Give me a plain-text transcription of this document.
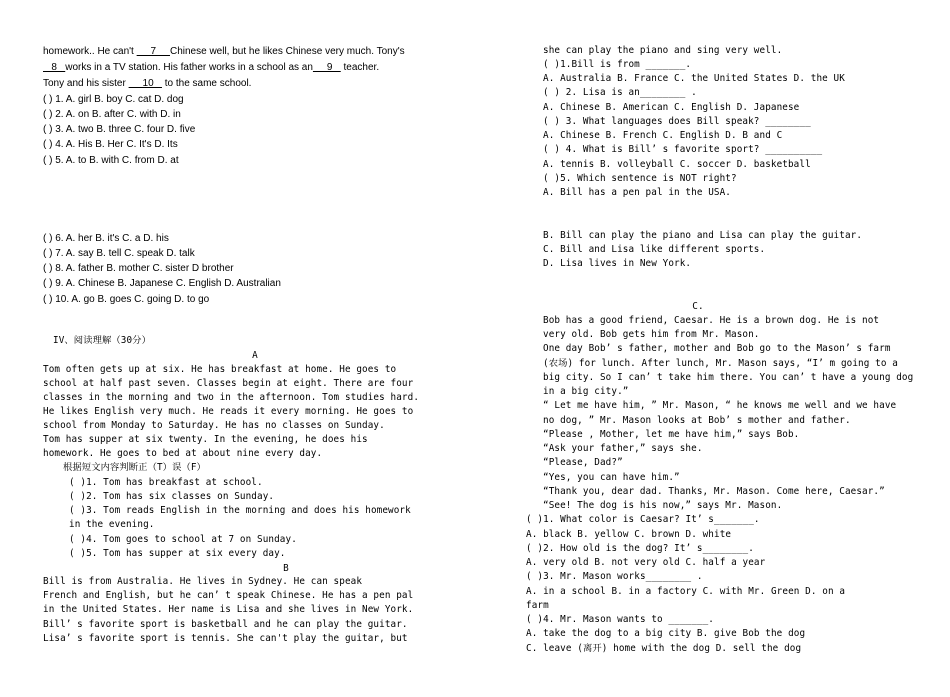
homework.. He can't      7     Chinese well, but he likes Chinese very much. Tony's
8   works in a TV station. His father works in a school as an     9    teacher.
Tony and his sister      10    to the same school.
( ) 1. A. girl B. boy C. cat D. dog
( ) 2. A. on B. after C. with D. in
( ) 3. A. two B. three C. four D. five
( ) 4. A. His B. Her C. It's D. Its
( ) 5. A. to B. with C. from D. at
( ) 6. A. her B. it's C. a D. his
( ) 7. A. say B. tell C. speak D. talk
( ) 8. A. father B. mother C. sister D brother
( ) 9. A. Chinese B. Japanese C. English D. Australian
( ) 10. A. go B. goes C. going D. to go
IV、阅读理解（30分）
A
Tom often gets up at six. He has breakfast at home. He goes to
school at half past seven. Classes begin at eight. There are four
classes in the morning and two in the afternoon. Tom studies hard.
He likes English very much. He reads it every morning. He goes to
school from Monday to Saturday. He has no classes on Sunday.
Tom has supper at six twenty. In the evening, he does his
homework. He goes to bed at about nine every day.
根据短文内容判断正（T）误（F）
( )1. Tom has breakfast at school.
( )2. Tom has six classes on Sunday.
( )3. Tom reads English in the morning and does his homework
in the evening.
( )4. Tom goes to school at 7 on Sunday.
( )5. Tom has supper at six every day.
B
Bill is from Australia. He lives in Sydney. He can speak
French and English, but he can’ t speak Chinese. He has a pen pal
in the United States. Her name is Lisa and she lives in New York.
Bill’ s favorite sport is basketball and he can play the guitar.
Lisa’ s favorite sport is tennis. She can't play the guitar, but
she can play the piano and sing very well.
( )1.Bill is from _______.
A. Australia B. France C. the United States D. the UK
( ) 2. Lisa is an________ .
A. Chinese B. American C. English D. Japanese
( ) 3. What languages does Bill speak? ________
A. Chinese B. French C. English D. B and C
( ) 4. What is Bill’ s favorite sport? __________
A. tennis B. volleyball C. soccer D. basketball
( )5. Which sentence is NOT right?
A. Bill has a pen pal in the USA.
B. Bill can play the piano and Lisa can play the guitar.
C. Bill and Lisa like different sports.
D. Lisa lives in New York.
C.
Bob has a good friend, Caesar. He is a brown dog. He is not
very old. Bob gets him from Mr. Mason.
One day Bob’ s father, mother and Bob go to the Mason’ s farm
(农场) for lunch. After lunch, Mr. Mason says, “I’ m going to a
big city. So I can’ t take him there. You can’ t have a young dog
in a big city.”
“ Let me have him, ” Mr. Mason, “ he knows me well and we have
no dog, ” Mr. Mason looks at Bob’ s mother and father.
“Please , Mother, let me have him,” says Bob.
“Ask your father,” says she.
“Please, Dad?”
“Yes, you can have him.”
“Thank you, dear dad. Thanks, Mr. Mason. Come here, Caesar.”
“See! The dog is his now,” says Mr. Mason.
( )1. What color is Caesar? It’ s_______.
A. black B. yellow C. brown D. white
( )2. How old is the dog? It’ s________.
A. very old B. not very old C. half a year
( )3. Mr. Mason works________ .
A. in a school B. in a factory C. with Mr. Green D. on a
farm
( )4. Mr. Mason wants to _______.
A. take the dog to a big city B. give Bob the dog
C. leave (离开) home with the dog D. sell the dog
